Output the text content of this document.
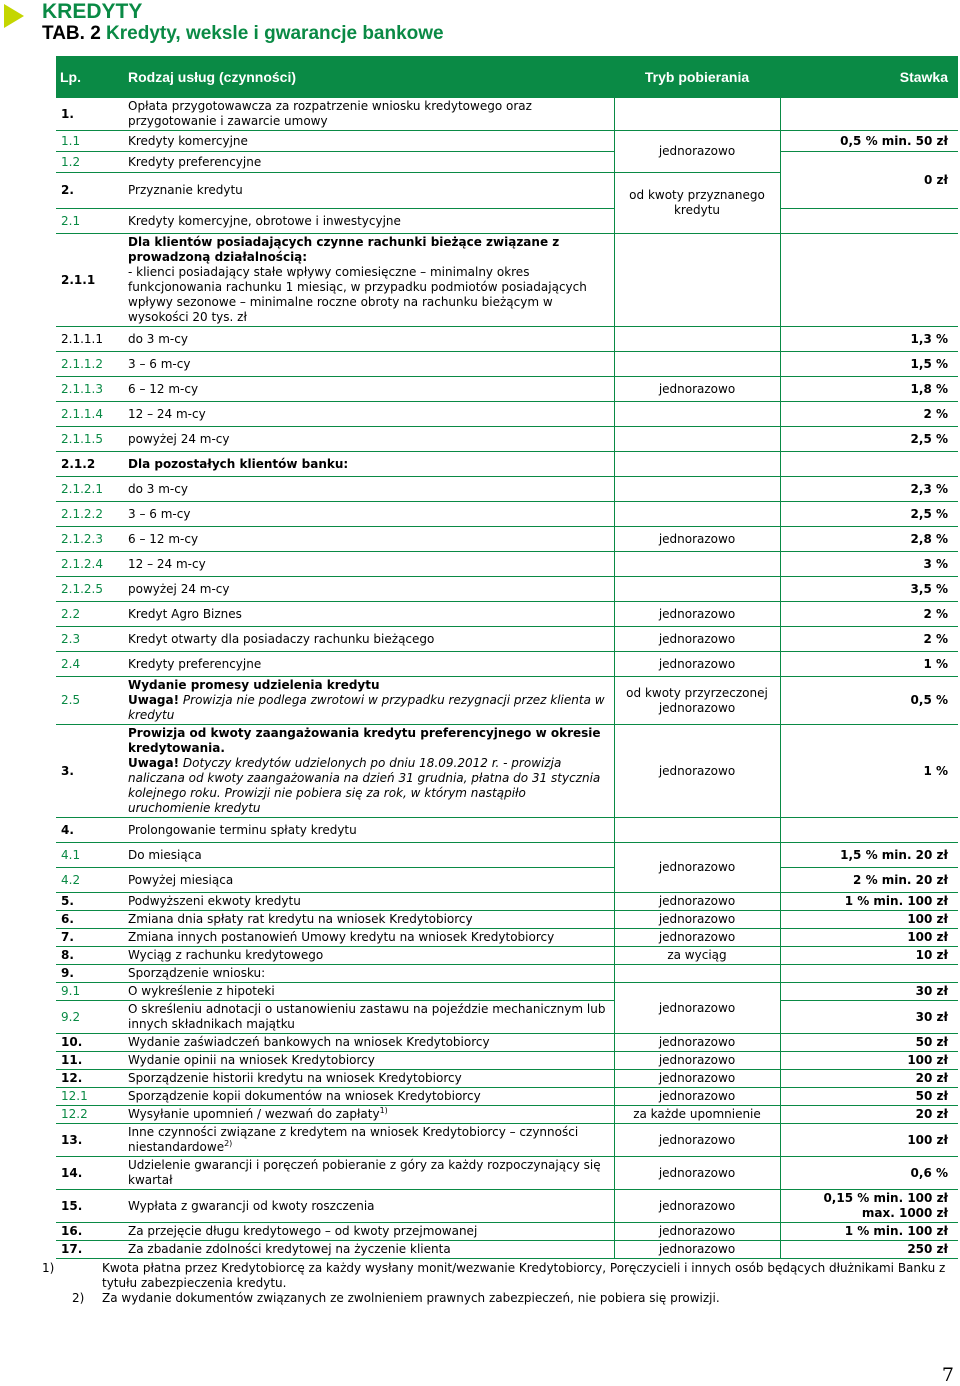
KREDYTY
TAB. 2 Kredyty, weksle i gwarancje bankowe
Lp.	Rodzaj usług (czynności)	Tryb pobierania	Stawka
1.	Opłata przygotowawcza za rozpatrzenie wniosku kredytowego oraz przygotowanie i zawarcie umowy		
1.1	Kredyty komercyjne	jednorazowo	0,5 % min. 50 zł
1.2	Kredyty preferencyjne		0 zł
2.	Przyznanie kredytu	od kwoty przyznanego kredytu	
2.1	Kredyty komercyjne, obrotowe i inwestycyjne		
2.1.1	Dla klientów posiadających czynne rachunki bieżące związane z prowadzoną działalnością:
- klienci posiadający stałe wpływy comiesięczne – minimalny okres funkcjonowania rachunku 1 miesiąc, w przypadku podmiotów posiadających wpływy sezonowe – minimalne roczne obroty na rachunku bieżącym w wysokości 20 tys. zł		

2.1.1.1	do 3 m-cy		1,3 %
2.1.1.2	3 – 6 m-cy		1,5 %
2.1.1.3	6 – 12 m-cy	jednorazowo	1,8 %
2.1.1.4	12 – 24 m-cy		2 %
2.1.1.5	powyżej 24 m-cy		2,5 %
2.1.2	Dla pozostałych klientów banku:		
2.1.2.1	do 3 m-cy		2,3 %
2.1.2.2	3 – 6 m-cy		2,5 %
2.1.2.3	6 – 12 m-cy	jednorazowo	2,8 %
2.1.2.4	12 – 24 m-cy		3 %
2.1.2.5	powyżej 24 m-cy		3,5 %
2.2	Kredyt Agro Biznes	jednorazowo	2 %
2.3	Kredyt otwarty dla posiadaczy rachunku bieżącego	jednorazowo	2 %
2.4	Kredyty preferencyjne	jednorazowo	1 %
2.5	Wydanie promesy udzielenia kredytu
Uwaga! Prowizja nie podlega zwrotowi w przypadku rezygnacji przez klienta w kredytu	od kwoty przyrzeczonej jednorazowo	0,5 %
3.	Prowizja od kwoty zaangażowania kredytu preferencyjnego w okresie kredytowania.
Uwaga! Dotyczy kredytów udzielonych po dniu 18.09.2012 r. - prowizja naliczana od kwoty zaangażowania na dzień 31 grudnia, płatna do 31 stycznia kolejnego roku. Prowizji nie pobiera się za rok, w którym nastąpiło uruchomienie kredytu	jednorazowo	1 %
4.	Prolongowanie terminu spłaty kredytu		
4.1	Do miesiąca	jednorazowo	1,5 % min. 20 zł
4.2	Powyżej miesiąca		2 % min. 20 zł
5.	Podwyższeni ekwoty kredytu	jednorazowo	1 % min. 100 zł
6.	Zmiana dnia spłaty rat kredytu na wniosek Kredytobiorcy	jednorazowo	100 zł
7.	Zmiana innych postanowień Umowy kredytu na wniosek Kredytobiorcy	jednorazowo	100 zł
8.	Wyciąg z rachunku kredytowego	za wyciąg	10 zł
9.	Sporządzenie wniosku:		
9.1	O wykreślenie z hipoteki	jednorazowo	30 zł
9.2	O skreśleniu adnotacji o ustanowieniu zastawu na pojeździe mechanicznym lub innych składnikach majątku		30 zł
10.	Wydanie zaświadczeń bankowych na wniosek Kredytobiorcy	jednorazowo	50 zł
11.	Wydanie opinii na wniosek Kredytobiorcy	jednorazowo	100 zł
12.	Sporządzenie historii kredytu na wniosek Kredytobiorcy	jednorazowo	20 zł
12.1	Sporządzenie kopii dokumentów na wniosek Kredytobiorcy	jednorazowo	50 zł
12.2	Wysyłanie upomnień / wezwań do zapłaty$^{1)}$	za każde upomnienie	20 zł
13.	Inne czynności związane z kredytem na wniosek Kredytobiorcy – czynności niestandardowe$^{2)}$	jednorazowo	100 zł
14.	Udzielenie gwarancji i poręczeń pobieranie z góry za każdy rozpoczynający się kwartał	jednorazowo	0,6 %
15.	Wypłata z gwarancji od kwoty roszczenia	jednorazowo	0,15 % min. 100 zł
max. 1000 zł

16.	Za przejęcie długu kredytowego – od kwoty przejmowanej	jednorazowo	1 % min. 100 zł
17.	Za zbadanie zdolności kredytowej na życzenie klienta	jednorazowo	250 zł
1)	Kwota płatna przez Kredytobiorcę za każdy wysłany monit/wezwanie Kredytobiorcy, Poręczycieli i innych osób będących dłużnikami Banku z tytułu zabezpieczenia kredytu.
2) Za wydanie dokumentów związanych ze zwolnieniem prawnych zabezpieczeń, nie pobiera się prowizji.
7
